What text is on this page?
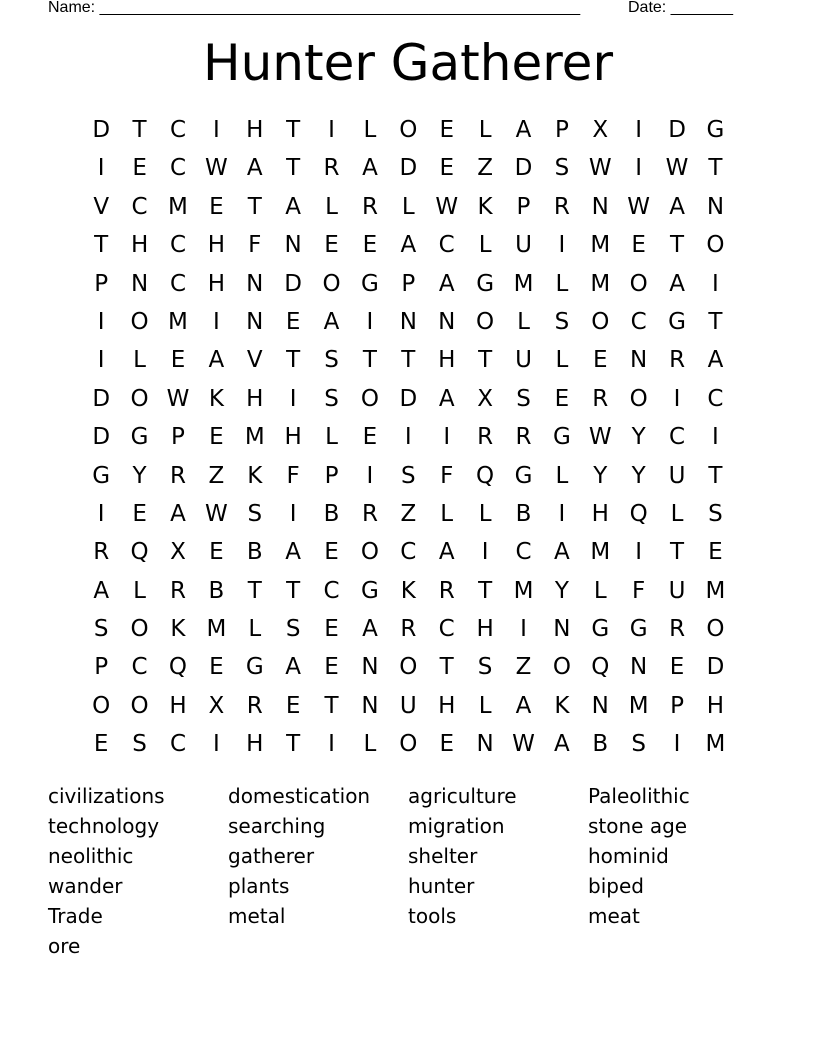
Name: ______________________________________________________	Date: _______
Hunter Gatherer
D T	C	I	H T	I	L O E	L	A	P	X	I	D G
I	E	C W A	T	R A D E	Z D S W	I	W T
V C M E	T	A	L	R	L W K	P	R N W A N
T H C H	F	N E	E	A C	L	U	I	M E	T O
P N C H N D O G P	A G M L M O A	I
I	O M	I	N E	A	I	N N O L	S O C G T
I	L	E	A V	T	S	T	T H T U	L	E N R A
D O W K H	I	S O D A X	S	E	R O	I	C
D G P	E M H	L	E	I	I	R R G W Y	C	I
G Y	R Z K	F	P	I	S	F Q G	L	Y	Y U T
I	E	A W S	I	B R Z	L	L	B	I	H Q L	S
R Q X	E	B A	E O C A	I	C A M	I	T	E
A	L	R B	T	T	C G K R	T M Y	L	F	U M
S O K M L	S	E	A R C H	I	N G G R O
P	C Q E G A	E N O T	S	Z O Q N E D
O O H X R	E	T N U H	L	A K N M P H
E	S	C	I	H T	I	L O E N W A B	S	I	M
civilizations	domestication	agriculture	Paleolithic
technology	searching	migration	stone age
neolithic	gatherer	shelter	hominid
wander	plants	hunter	biped
Trade	metal	tools	meat
ore
